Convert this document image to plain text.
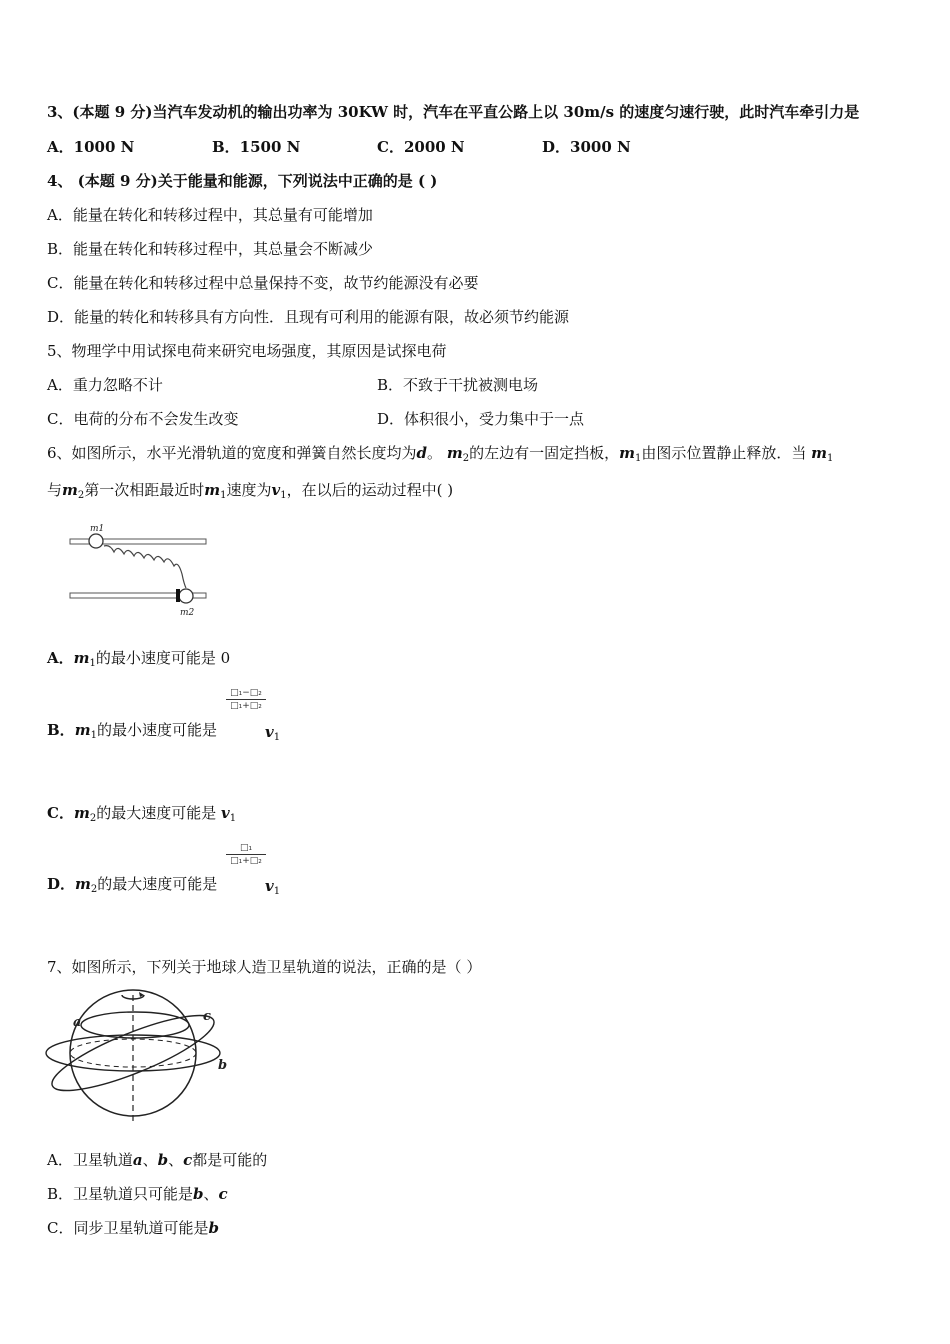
3、(本题 9 分)当汽车发动机的输出功率为 30KW 时，汽车在平直公路上以 30m/s 的速度匀速行驶，此时汽车牵引力是
A．1000 N	B．1500 N	C．2000 N	D．3000 N
4、 (本题 9 分)关于能量和能源，下列说法中正确的是 ( )
A．能量在转化和转移过程中，其总量有可能增加
B．能量在转化和转移过程中，其总量会不断减少
C．能量在转化和转移过程中总量保持不变，故节约能源没有必要
D．能量的转化和转移具有方向性．且现有可利用的能源有限，故必须节约能源
5、物理学中用试探电荷来研究电场强度，其原因是试探电荷
A．重力忽略不计	B．不致于干扰被测电场
C．电荷的分布不会发生改变	D．体积很小，受力集中于一点
6、如图所示，水平光滑轨道的宽度和弹簧自然长度均为d。 $m_2$的左边有一固定挡板，$m_1$由图示位置静止释放．当 $m_1$
与$m_2$第一次相距最近时$m_1$速度为$v_1$，在以后的运动过程中( )
m1
m2
A．$m_1$的最小速度可能是 0
□₁−□₂
□₁+□₂
B．$m_1$的最小速度可能是	$v_1$
C．$m_2$的最大速度可能是 $v_1$
□₁
□₁+□₂
D．$m_2$的最大速度可能是	$v_1$
7、如图所示，下列关于地球人造卫星轨道的说法，正确的是（ ）
a
b
c
A．卫星轨道a、b、c都是可能的
B．卫星轨道只可能是b、c
C．同步卫星轨道可能是b
